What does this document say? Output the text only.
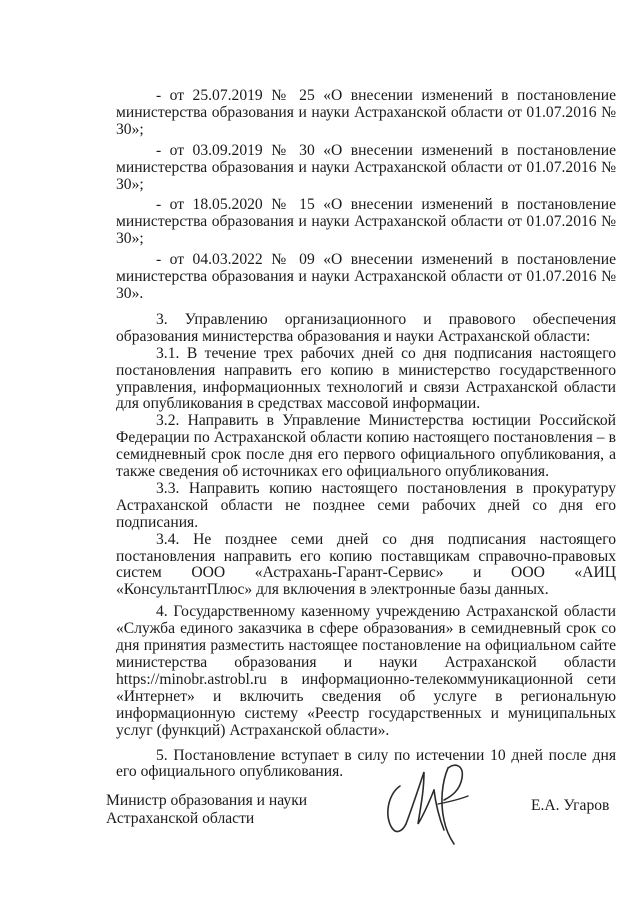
- от 25.07.2019 № 25 «О внесении изменений в постановление министерства образования и науки Астраханской области от 01.07.2016 № 30»;

- от 03.09.2019 № 30 «О внесении изменений в постановление министерства образования и науки Астраханской области от 01.07.2016 № 30»;

- от 18.05.2020 № 15 «О внесении изменений в постановление министерства образования и науки Астраханской области от 01.07.2016 № 30»;

- от 04.03.2022 № 09 «О внесении изменений в постановление министерства образования и науки Астраханской области от 01.07.2016 № 30».

3. Управлению организационного и правового обеспечения образования министерства образования и науки Астраханской области:

3.1. В течение трех рабочих дней со дня подписания настоящего постановления направить его копию в министерство государственного управления, информационных технологий и связи Астраханской области для опубликования в средствах массовой информации.

3.2. Направить в Управление Министерства юстиции Российской Федерации по Астраханской области копию настоящего постановления – в семидневный срок после дня его первого официального опубликования, а также сведения об источниках его официального опубликования.

3.3. Направить копию настоящего постановления в прокуратуру Астраханской области не позднее семи рабочих дней со дня его подписания.

3.4. Не позднее семи дней со дня подписания настоящего постановления направить его копию поставщикам справочно-правовых систем ООО «Астрахань-Гарант-Сервис» и ООО «АИЦ «КонсультантПлюс» для включения в электронные базы данных.

4. Государственному казенному учреждению Астраханской области «Служба единого заказчика в сфере образования» в семидневный срок со дня принятия разместить настоящее постановление на официальном сайте министерства образования и науки Астраханской области https://minobr.astrobl.ru в информационно-телекоммуникационной сети «Интернет» и включить сведения об услуге в региональную информационную систему «Реестр государственных и муниципальных услуг (функций) Астраханской области».

5. Постановление вступает в силу по истечении 10 дней после дня его официального опубликования.

Министр образования и науки
Астраханской области
Е.А. Угаров
